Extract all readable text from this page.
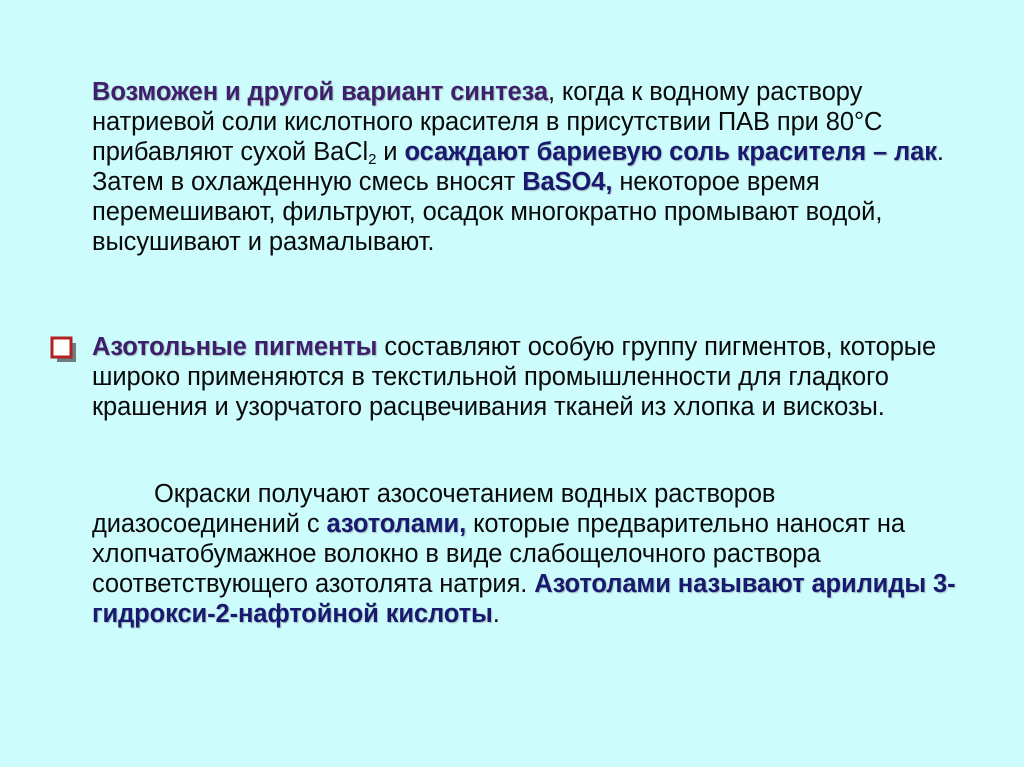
Возможен и другой вариант синтеза, когда к водному раствору натриевой соли кислотного красителя в присутствии ПАВ при 80°С прибавляют сухой BaCl$_2$ и осаждают бариевую соль красителя – лак. Затем в охлажденную смесь вносят BaSO4, некоторое время перемешивают, фильтруют, осадок многократно промывают водой, высушивают и размалывают.

Азотольные пигменты составляют особую группу пигментов, которые широко применяются в текстильной промышленности для гладкого крашения и узорчатого расцвечивания тканей из хлопка и вискозы.

Окраски получают азосочетанием водных растворов диазосоединений с азотолами, которые предварительно наносят на хлопчатобумажное волокно в виде слабощелочного раствора соответствующего азотолята натрия. Азотолами называют арилиды 3-гидрокси-2-нафтойной кислоты.
